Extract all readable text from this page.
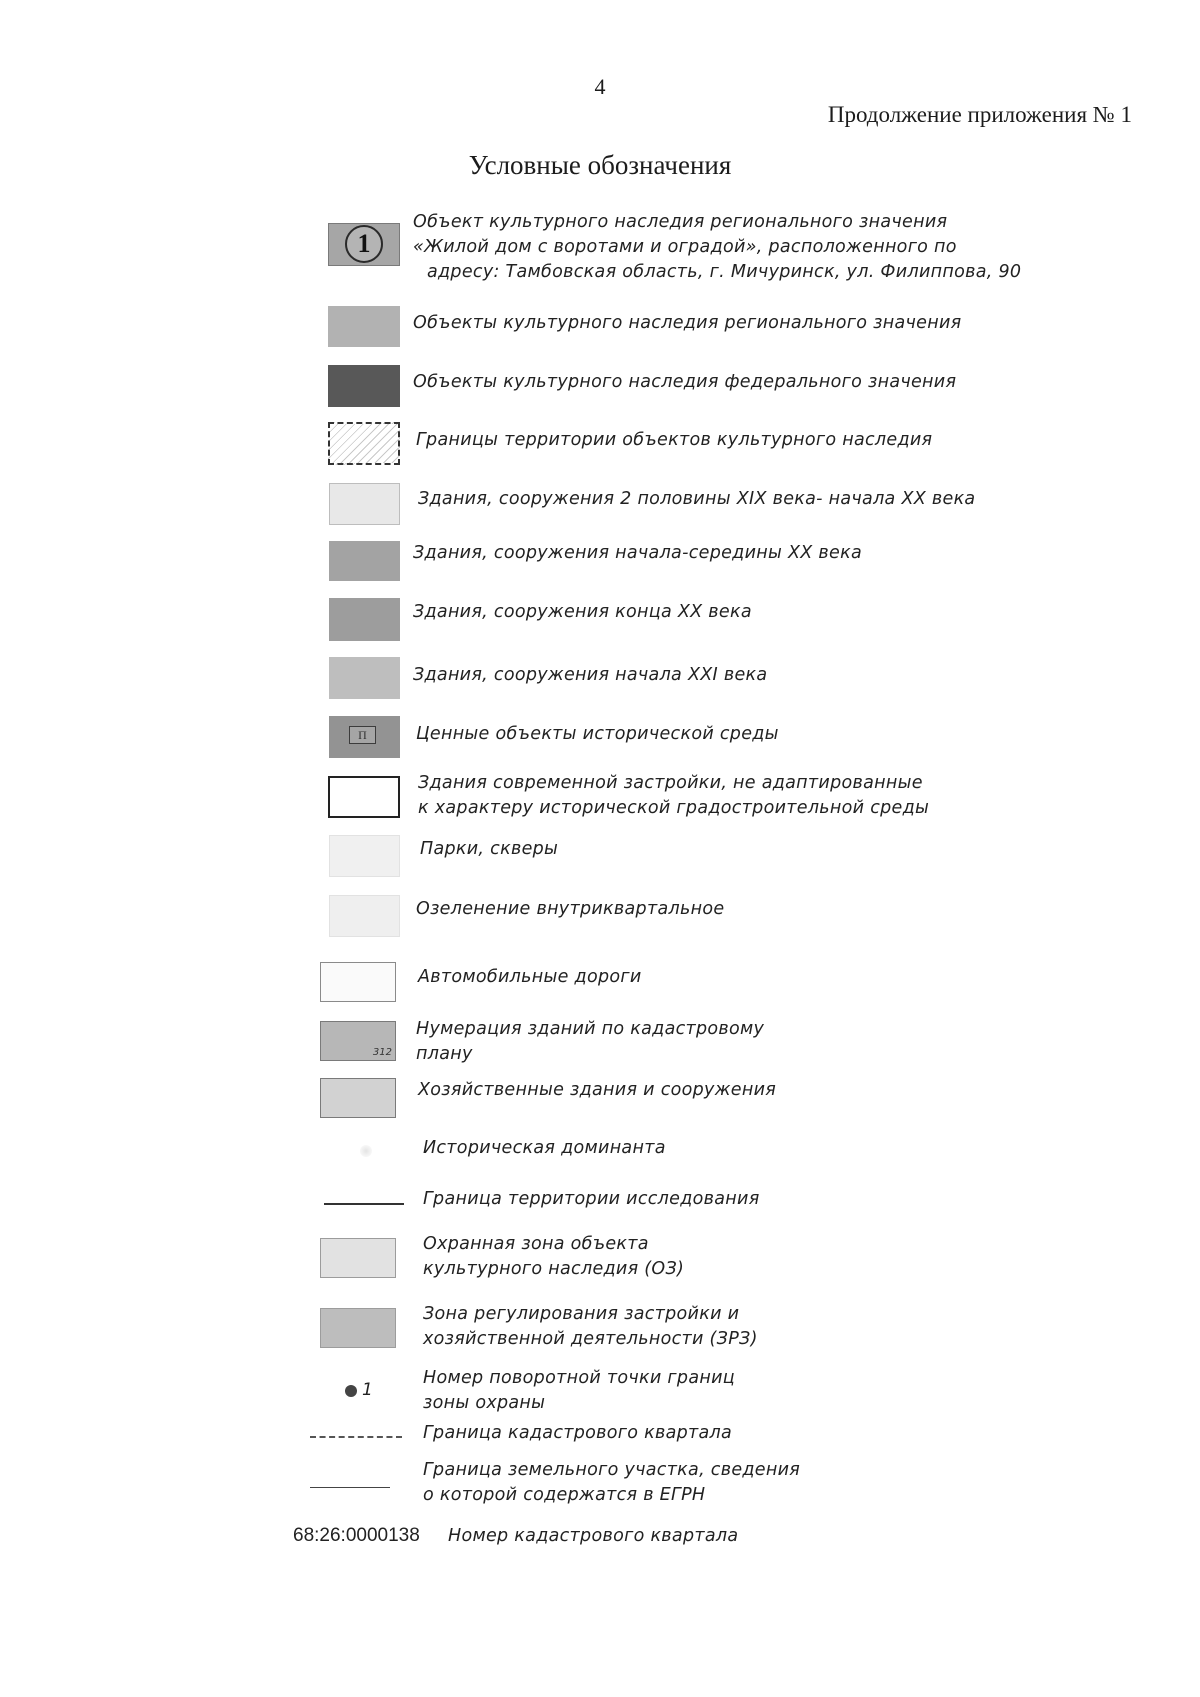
4
Продолжение приложения № 1
Условные обозначения
1
Объект культурного наследия регионального значения
«Жилой дом с воротами и оградой», расположенного по
адресу: Тамбовская область, г. Мичуринск, ул. Филиппова, 90
Объекты культурного наследия регионального значения
Объекты культурного наследия федерального значения
Границы территории объектов культурного наследия
Здания, сооружения 2 половины XIX века- начала XX века
Здания, сооружения начала-середины XX века
Здания, сооружения конца XX века
Здания, сооружения начала XXI века
П	Ценные объекты исторической среды
Здания современной застройки, не адаптированные
к характеру исторической градостроительной среды
Парки, скверы
Озеленение внутриквартальное
Автомобильные дороги
312
Нумерация зданий по кадастровому
плану
Хозяйственные здания и сооружения
Историческая доминанта
Граница территории исследования
Охранная зона объекта
культурного наследия (ОЗ)
Зона регулирования застройки и
хозяйственной деятельности (ЗРЗ)
1
Номер поворотной точки границ
зоны охраны
Граница кадастрового квартала
Граница земельного участка, сведения
о которой содержатся в ЕГРН
68:26:0000138 Номер кадастрового квартала
